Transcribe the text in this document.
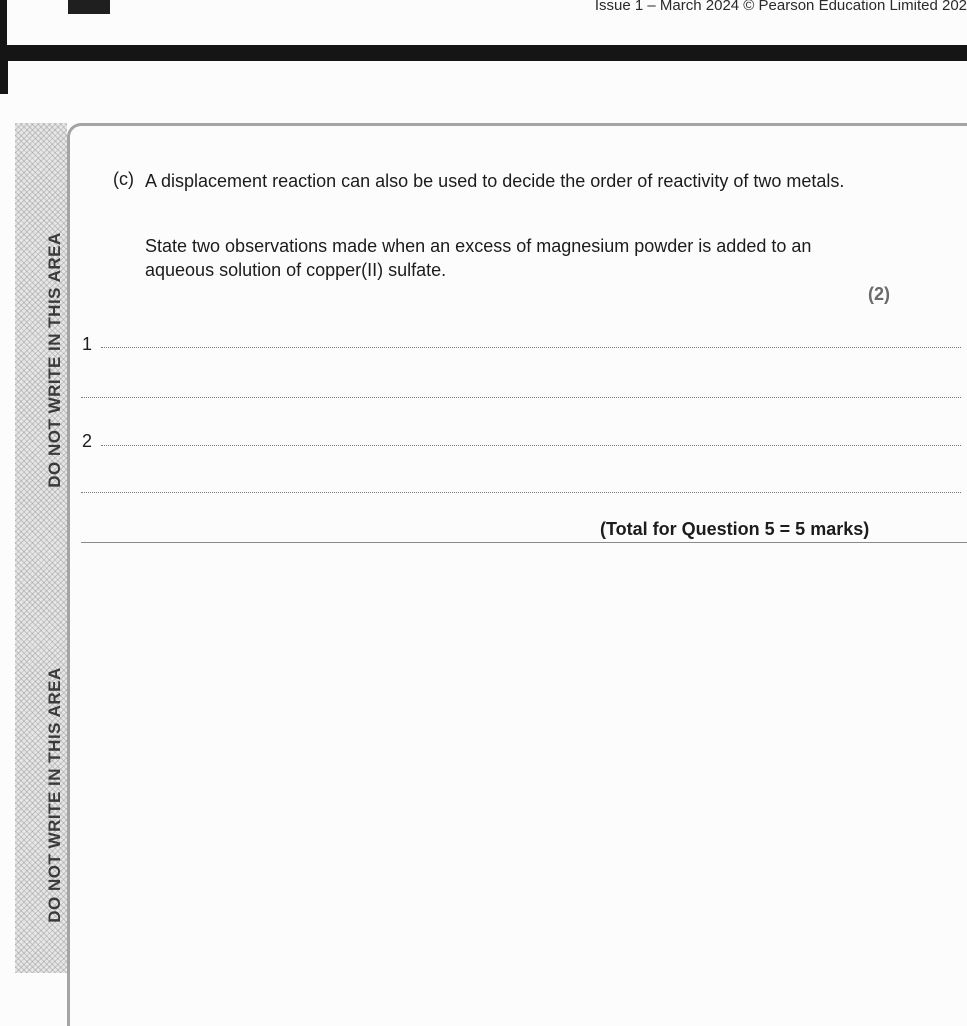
Issue 1 – March 2024 © Pearson Education Limited 202
DO NOT WRITE IN THIS AREA
DO NOT WRITE IN THIS AREA
(c) A displacement reaction can also be used to decide the order of reactivity of two metals.
State two observations made when an excess of magnesium powder is added to an aqueous solution of copper(II) sulfate.
(2)
1
2
(Total for Question 5 = 5 marks)
